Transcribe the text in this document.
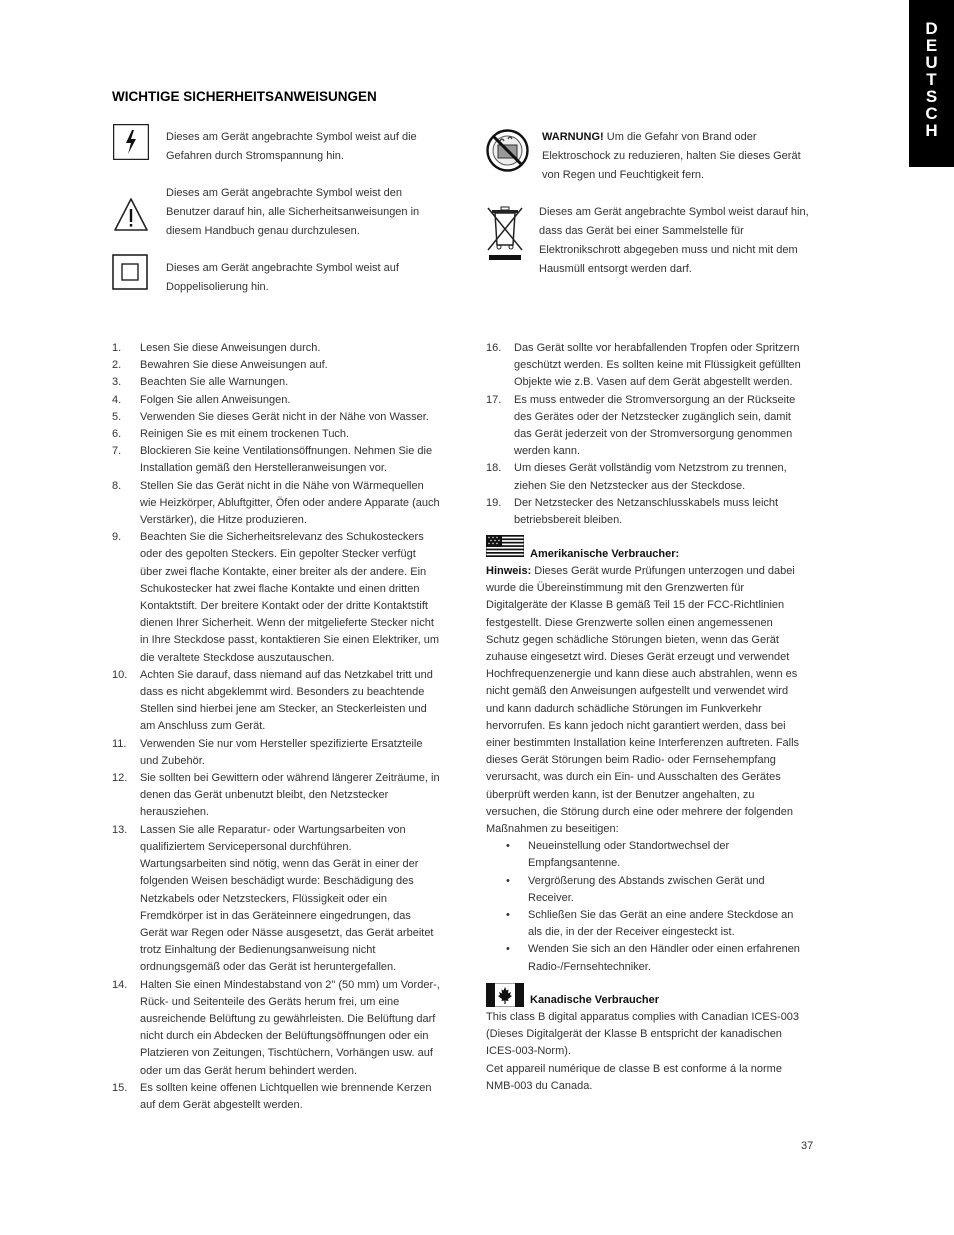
D
E
U
T
S
C
H
WICHTIGE SICHERHEITSANWEISUNGEN
Dieses am Gerät angebrachte Symbol weist auf die Gefahren durch Stromspannung hin.
Dieses am Gerät angebrachte Symbol weist den Benutzer darauf hin, alle Sicherheitsanweisungen in diesem Handbuch genau durchzulesen.
Dieses am Gerät angebrachte Symbol weist auf Doppelisolierung hin.
WARNUNG! Um die Gefahr von Brand oder Elektroschock zu reduzieren, halten Sie dieses Gerät von Regen und Feuchtigkeit fern.
Dieses am Gerät angebrachte Symbol weist darauf hin, dass das Gerät bei einer Sammelstelle für Elektronikschrott abgegeben muss und nicht mit dem Hausmüll entsorgt werden darf.
1. Lesen Sie diese Anweisungen durch.
2. Bewahren Sie diese Anweisungen auf.
3. Beachten Sie alle Warnungen.
4. Folgen Sie allen Anweisungen.
5. Verwenden Sie dieses Gerät nicht in der Nähe von Wasser.
6. Reinigen Sie es mit einem trockenen Tuch.
7. Blockieren Sie keine Ventilationsöffnungen. Nehmen Sie die Installation gemäß den Herstelleranweisungen vor.
8. Stellen Sie das Gerät nicht in die Nähe von Wärmequellen wie Heizkörper, Abluftgitter, Öfen oder andere Apparate (auch Verstärker), die Hitze produzieren.
9. Beachten Sie die Sicherheitsrelevanz des Schukosteckers oder des gepolten Steckers. Ein gepolter Stecker verfügt über zwei flache Kontakte, einer breiter als der andere. Ein Schukostecker hat zwei flache Kontakte und einen dritten Kontaktstift. Der breitere Kontakt oder der dritte Kontaktstift dienen Ihrer Sicherheit. Wenn der mitgelieferte Stecker nicht in Ihre Steckdose passt, kontaktieren Sie einen Elektriker, um die veraltete Steckdose auszutauschen.
10. Achten Sie darauf, dass niemand auf das Netzkabel tritt und dass es nicht abgeklemmt wird. Besonders zu beachtende Stellen sind hierbei jene am Stecker, an Steckerleisten und am Anschluss zum Gerät.
11. Verwenden Sie nur vom Hersteller spezifizierte Ersatzteile und Zubehör.
12. Sie sollten bei Gewittern oder während längerer Zeiträume, in denen das Gerät unbenutzt bleibt, den Netzstecker herausziehen.
13. Lassen Sie alle Reparatur- oder Wartungsarbeiten von qualifiziertem Servicepersonal durchführen. Wartungsarbeiten sind nötig, wenn das Gerät in einer der folgenden Weisen beschädigt wurde: Beschädigung des Netzkabels oder Netzsteckers, Flüssigkeit oder ein Fremdkörper ist in das Geräteinnere eingedrungen, das Gerät war Regen oder Nässe ausgesetzt, das Gerät arbeitet trotz Einhaltung der Bedienungsanweisung nicht ordnungsgemäß oder das Gerät ist heruntergefallen.
14. Halten Sie einen Mindestabstand von 2" (50 mm) um Vorder-, Rück- und Seitenteile des Geräts herum frei, um eine ausreichende Belüftung zu gewährleisten. Die Belüftung darf nicht durch ein Abdecken der Belüftungsöffnungen oder ein Platzieren von Zeitungen, Tischtüchern, Vorhängen usw. auf oder um das Gerät herum behindert werden.
15. Es sollten keine offenen Lichtquellen wie brennende Kerzen auf dem Gerät abgestellt werden.
16. Das Gerät sollte vor herabfallenden Tropfen oder Spritzern geschützt werden. Es sollten keine mit Flüssigkeit gefüllten Objekte wie z.B. Vasen auf dem Gerät abgestellt werden.
17. Es muss entweder die Stromversorgung an der Rückseite des Gerätes oder der Netzstecker zugänglich sein, damit das Gerät jederzeit von der Stromversorgung genommen werden kann.
18. Um dieses Gerät vollständig vom Netzstrom zu trennen, ziehen Sie den Netzstecker aus der Steckdose.
19. Der Netzstecker des Netzanschlusskabels muss leicht betriebsbereit bleiben.
Amerikanische Verbraucher:
Hinweis: Dieses Gerät wurde Prüfungen unterzogen und dabei wurde die Übereinstimmung mit den Grenzwerten für Digitalgeräte der Klasse B gemäß Teil 15 der FCC-Richtlinien festgestellt. Diese Grenzwerte sollen einen angemessenen Schutz gegen schädliche Störungen bieten, wenn das Gerät zuhause eingesetzt wird. Dieses Gerät erzeugt und verwendet Hochfrequenzenergie und kann diese auch abstrahlen, wenn es nicht gemäß den Anweisungen aufgestellt und verwendet wird und kann dadurch schädliche Störungen im Funkverkehr hervorrufen. Es kann jedoch nicht garantiert werden, dass bei einer bestimmten Installation keine Interferenzen auftreten. Falls dieses Gerät Störungen beim Radio- oder Fernsehempfang verursacht, was durch ein Ein- und Ausschalten des Gerätes überprüft werden kann, ist der Benutzer angehalten, zu versuchen, die Störung durch eine oder mehrere der folgenden Maßnahmen zu beseitigen:
• Neueinstellung oder Standortwechsel der Empfangsantenne.
• Vergrößerung des Abstands zwischen Gerät und Receiver.
• Schließen Sie das Gerät an eine andere Steckdose an als die, in der der Receiver eingesteckt ist.
• Wenden Sie sich an den Händler oder einen erfahrenen Radio-/Fernsehtechniker.
Kanadische Verbraucher
This class B digital apparatus complies with Canadian ICES-003 (Dieses Digitalgerät der Klasse B entspricht der kanadischen ICES-003-Norm).
Cet appareil numérique de classe B est conforme á la norme NMB-003 du Canada.
37
